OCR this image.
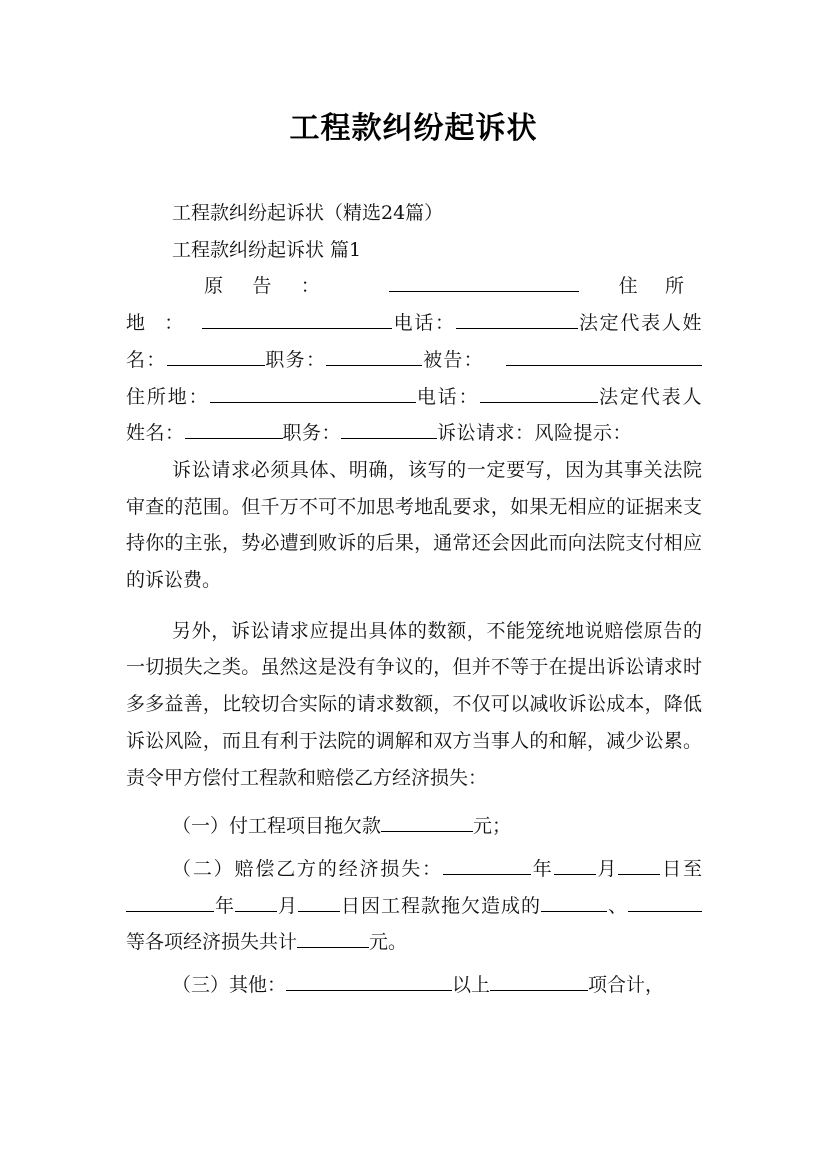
工程款纠纷起诉状

工程款纠纷起诉状（精选24篇）

工程款纠纷起诉状 篇1

原告：	住所地：	电话：	法定代表人姓名：	职务：	被告：住所地：	电话：	法定代表人姓名：	职务：	诉讼请求：风险提示：

诉讼请求必须具体、明确，该写的一定要写，因为其事关法院审查的范围。但千万不可不加思考地乱要求，如果无相应的证据来支持你的主张，势必遭到败诉的后果，通常还会因此而向法院支付相应的诉讼费。

另外，诉讼请求应提出具体的数额，不能笼统地说赔偿原告的一切损失之类。虽然这是没有争议的，但并不等于在提出诉讼请求时多多益善，比较切合实际的请求数额，不仅可以减收诉讼成本，降低诉讼风险，而且有利于法院的调解和双方当事人的和解，减少讼累。 责令甲方偿付工程款和赔偿乙方经济损失：

（一）付工程项目拖欠款	元；

（二）赔偿乙方的经济损失：	年 月 日至年 月 日因工程款拖欠造成的	、等各项经济损失共计	元。

（三）其他：	以上	项合计，
